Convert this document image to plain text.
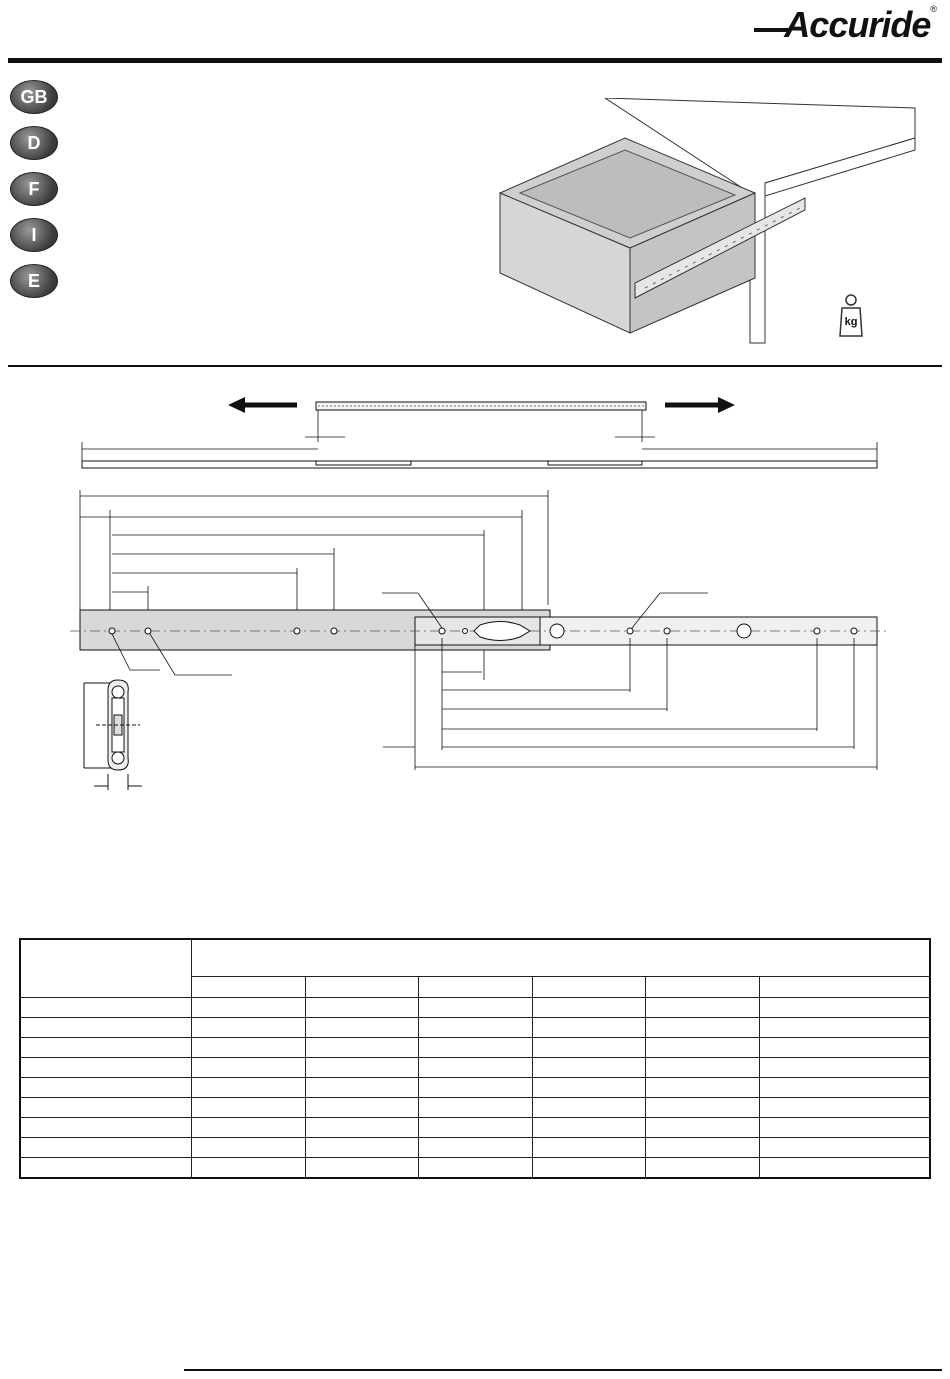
Accuride®
GB
D
F
I
E
kg
